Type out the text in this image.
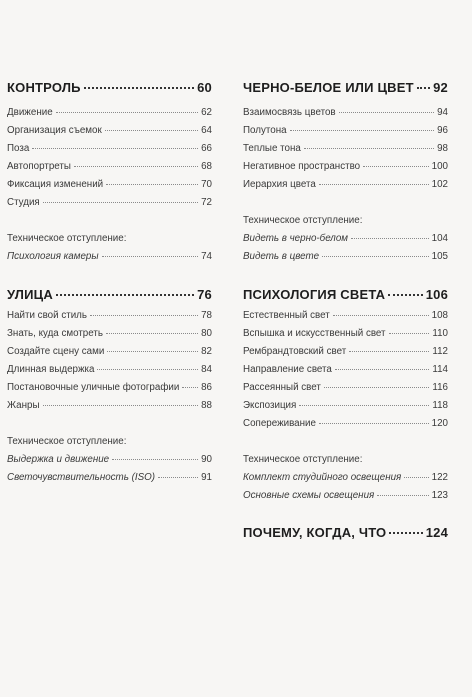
КОНТРОЛЬ	60
Движение	62
Организация съемок	64
Поза	66
Автопортреты	68
Фиксация изменений	70
Студия	72
Техническое отступление:
Психология камеры	74
УЛИЦА	76
Найти свой стиль	78
Знать, куда смотреть	80
Создайте сцену сами	82
Длинная выдержка	84
Постановочные уличные фотографии 86
Жанры	88
Техническое отступление:
Выдержка и движение	90
Светочувствительность (ISO)	91
ЧЕРНО-БЕЛОЕ ИЛИ ЦВЕТ 92
Взаимосвязь цветов	94
Полутона	96
Теплые тона	98
Негативное пространство	100
Иерархия цвета	102
Техническое отступление:
Видеть в черно-белом	104
Видеть в цвете	105
ПСИХОЛОГИЯ СВЕТА	106
Естественный свет	108
Вспышка и искусственный свет	110
Рембрандтовский свет	112
Направление света	114
Рассеянный свет	116
Экспозиция	118
Сопереживание	120
Техническое отступление:
Комплект студийного освещения	122
Основные схемы освещения	123
ПОЧЕМУ, КОГДА, ЧТО	124
